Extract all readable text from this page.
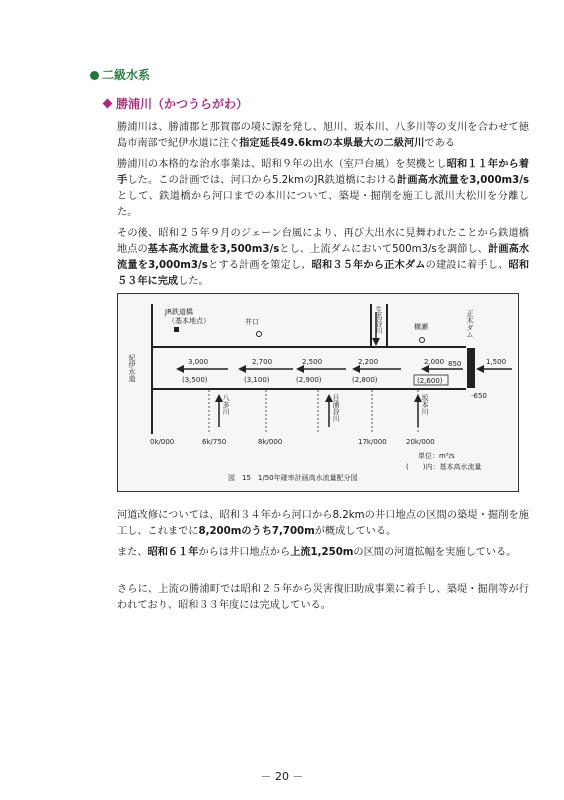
二級水系
勝浦川（かつうらがわ）
勝浦川は、勝浦郡と那賀郡の境に源を発し、旭川、坂本川、八多川等の支川を合わせて徳島市南部で紀伊水道に注ぐ指定延長49.6kmの本県最大の二級河川である
勝浦川の本格的な治水事業は、昭和９年の出水（室戸台風）を契機とし昭和１１年から着手した。この計画では、河口から5.2kmのJR鉄道橋における計画高水流量を3,000m3/sとして、鉄道橋から河口までの本川について、築堤・掘削を施工し派川大松川を分離した。
その後、昭和２５年９月のジェーン台風により、再び大出水に見舞われたことから鉄道橋地点の基本高水流量を3,500m3/sとし、上流ダムにおいて500m3/sを調節し、計画高水流量を3,000m3/sとする計画を策定し、昭和３５年から正木ダムの建設に着手し、昭和５３年に完成した。
紀伊水道
JR鉄道橋
（基本地点）	井口	生名谷川	横瀬	正木ダム
八多川	日浦谷川	坂本川
3,000	2,700	2,500	2,200	2,000	1,500
(3,500)	(3,100)	(2,900)	(2,800)	(2,600)
850
-650
0k/000	6k/750	8k/000	17k/000	20k/000
単位：m³/s
(　　)内：基本高水流量
図　15　1/50年確率計画高水流量配分図
河道改修については、昭和３４年から河口から8.2kmの井口地点の区間の築堤・掘削を施工し、これまでに8,200mのうち7,700mが概成している。
また、昭和６１年からは井口地点から上流1,250mの区間の河道拡幅を実施している。
さらに、上流の勝浦町では昭和２５年から災害復旧助成事業に着手し、築堤・掘削等が行われており、昭和３３年度には完成している。
－ 20 －
